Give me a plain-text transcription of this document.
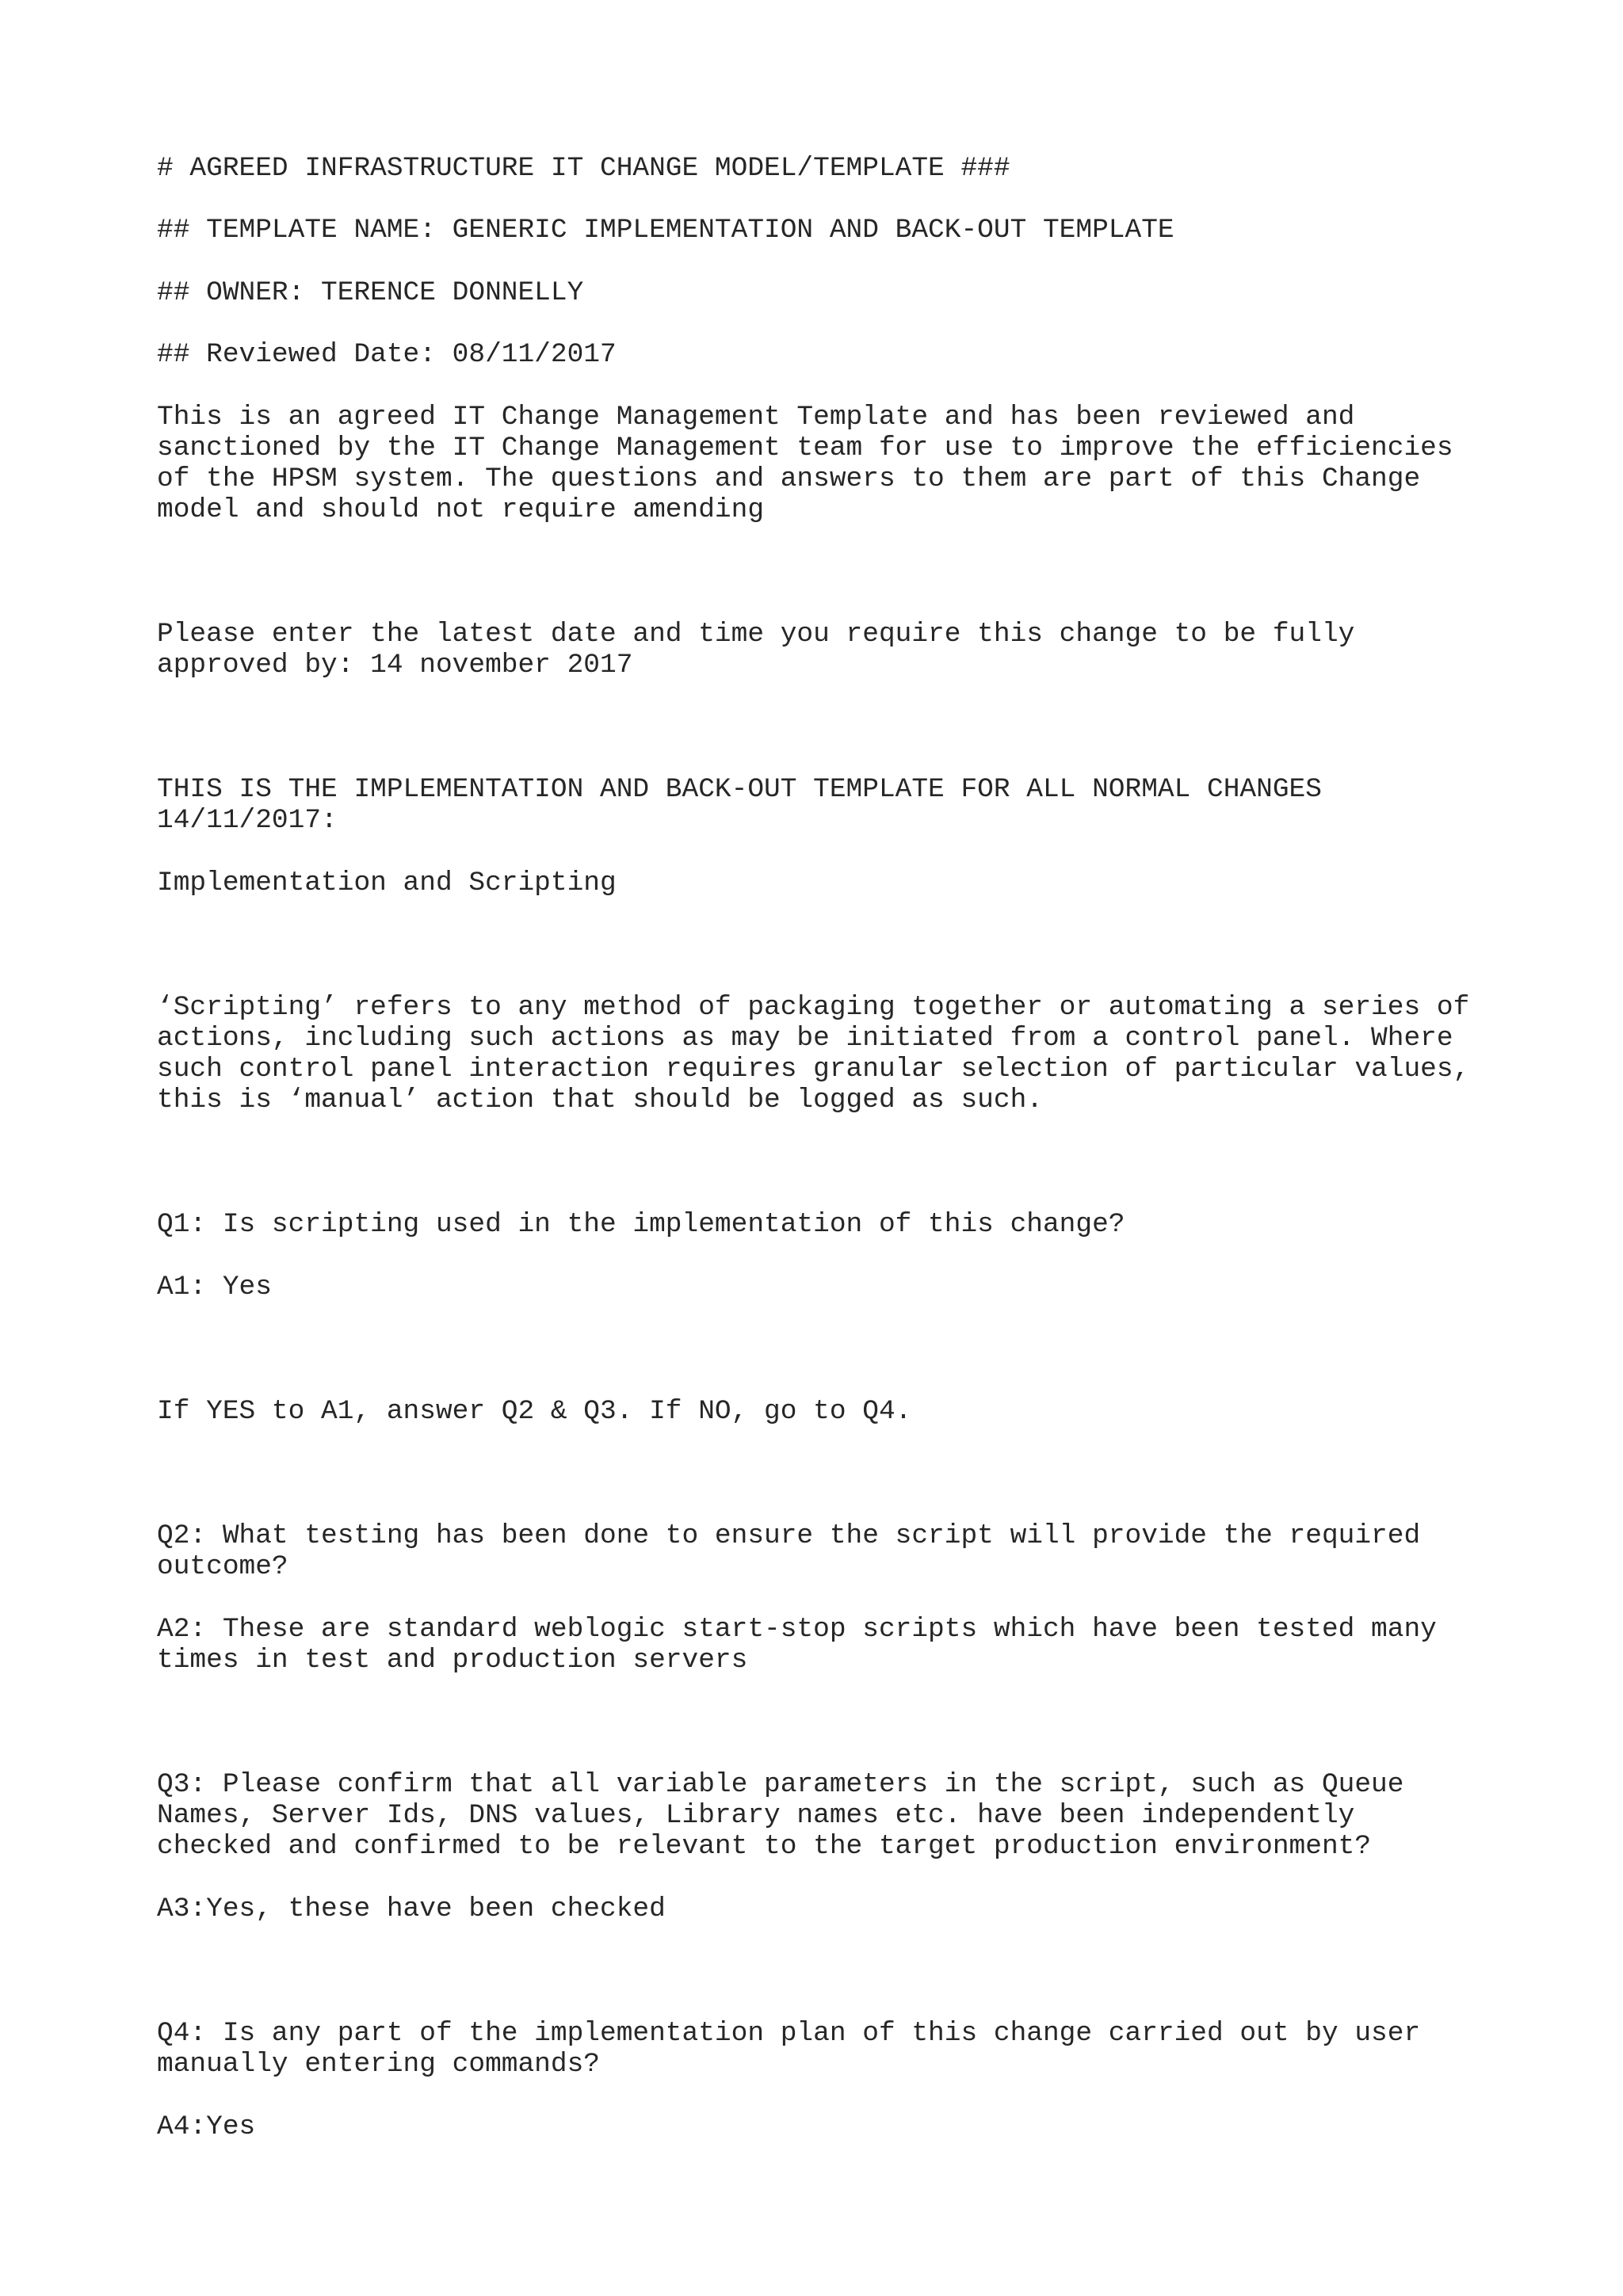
# AGREED INFRASTRUCTURE IT CHANGE MODEL/TEMPLATE ###
## TEMPLATE NAME: GENERIC IMPLEMENTATION AND BACK-OUT TEMPLATE
## OWNER: TERENCE DONNELLY
## Reviewed Date: 08/11/2017
This is an agreed IT Change Management Template and has been reviewed and
sanctioned by the IT Change Management team for use to improve the efficiencies
of the HPSM system. The questions and answers to them are part of this Change
model and should not require amending
Please enter the latest date and time you require this change to be fully
approved by: 14 november 2017
THIS IS THE IMPLEMENTATION AND BACK-OUT TEMPLATE FOR ALL NORMAL CHANGES
14/11/2017:
Implementation and Scripting
‘Scripting’ refers to any method of packaging together or automating a series of
actions, including such actions as may be initiated from a control panel. Where
such control panel interaction requires granular selection of particular values,
this is ‘manual’ action that should be logged as such.
Q1: Is scripting used in the implementation of this change?
A1: Yes
If YES to A1, answer Q2 & Q3. If NO, go to Q4.
Q2: What testing has been done to ensure the script will provide the required
outcome?
A2: These are standard weblogic start-stop scripts which have been tested many
times in test and production servers
Q3: Please confirm that all variable parameters in the script, such as Queue
Names, Server Ids, DNS values, Library names etc. have been independently
checked and confirmed to be relevant to the target production environment?
A3:Yes, these have been checked
Q4: Is any part of the implementation plan of this change carried out by user
manually entering commands?
A4:Yes
